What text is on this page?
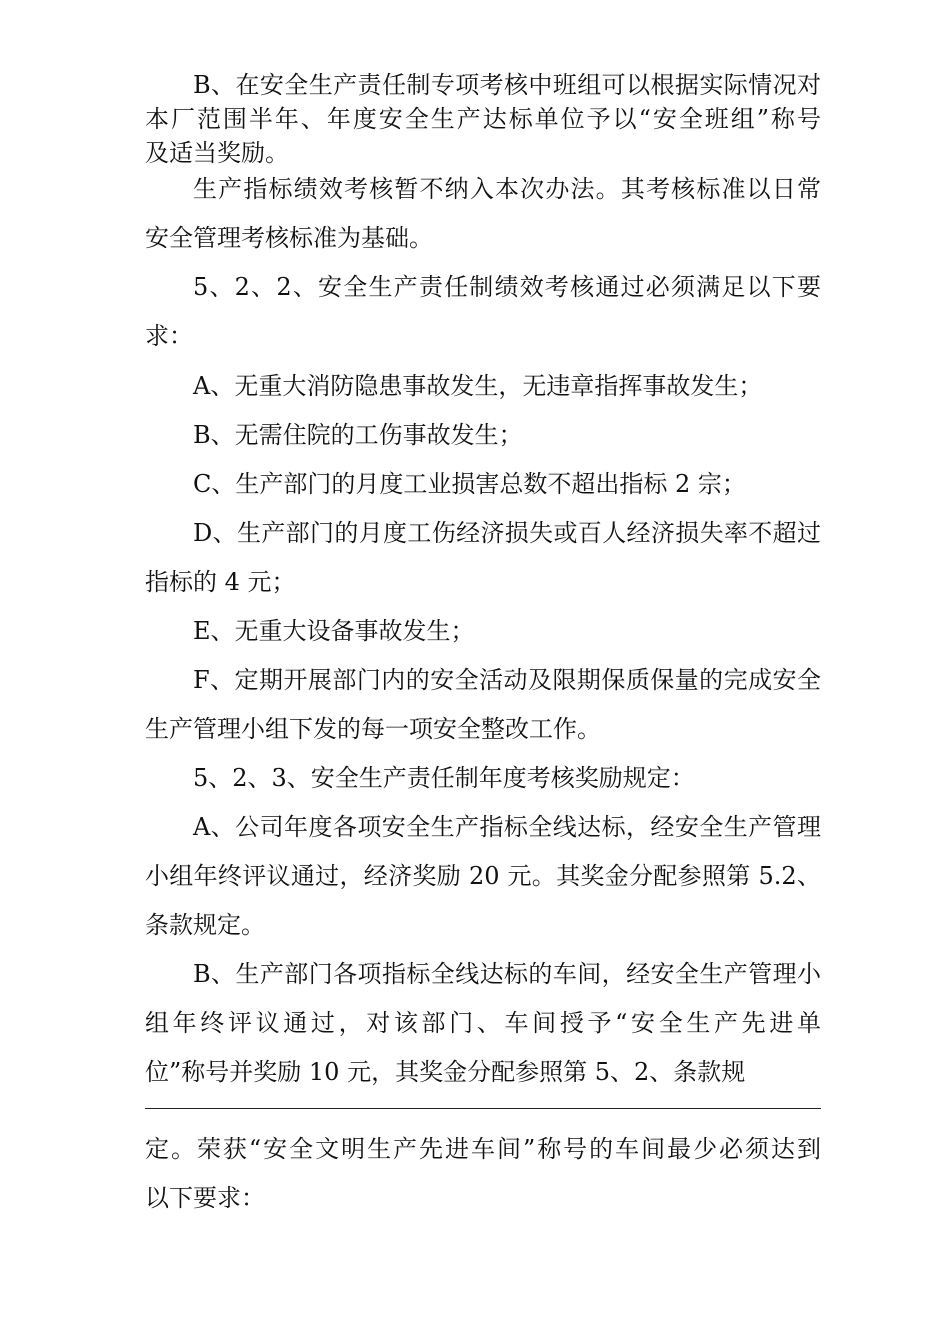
B、在安全生产责任制专项考核中班组可以根据实际情况对
本厂范围半年、年度安全生产达标单位予以“安全班组”称号
及适当奖励。
生产指标绩效考核暂不纳入本次办法。其考核标准以日常
安全管理考核标准为基础。
5、2、2、安全生产责任制绩效考核通过必须满足以下要
求：
A、无重大消防隐患事故发生，无违章指挥事故发生；
B、无需住院的工伤事故发生；
C、生产部门的月度工业损害总数不超出指标 2 宗；
D、生产部门的月度工伤经济损失或百人经济损失率不超过
指标的 4 元；
E、无重大设备事故发生；
F、定期开展部门内的安全活动及限期保质保量的完成安全
生产管理小组下发的每一项安全整改工作。
5、2、3、安全生产责任制年度考核奖励规定：
A、公司年度各项安全生产指标全线达标，经安全生产管理
小组年终评议通过，经济奖励 20 元。其奖金分配参照第 5.2、
条款规定。
B、生产部门各项指标全线达标的车间，经安全生产管理小
组年终评议通过，对该部门、车间授予“安全生产先进单
位”称号并奖励 10 元，其奖金分配参照第 5、2、条款规
定。荣获“安全文明生产先进车间”称号的车间最少必须达到
以下要求：
